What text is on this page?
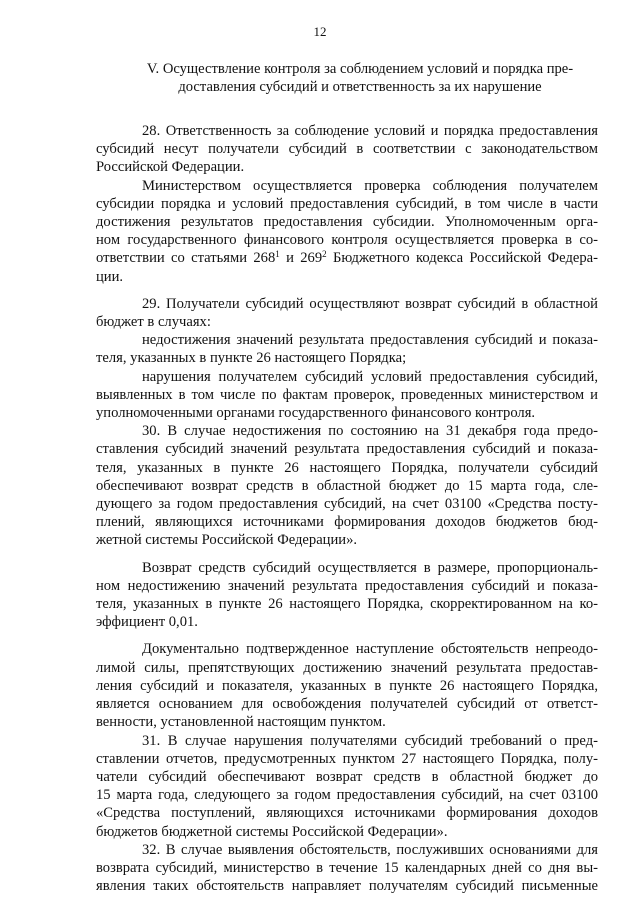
12
V. Осуществление контроля за соблюдением условий и порядка пре-
доставления субсидий и ответственность за их нарушение
28. Ответственность за соблюдение условий и порядка предоставления
субсидий несут получатели субсидий в соответствии с законодательством
Российской Федерации.
Министерством осуществляется проверка соблюдения получателем
субсидии порядка и условий предоставления субсидий, в том числе в части
достижения результатов предоставления субсидии. Уполномоченным орга-
ном государственного финансового контроля осуществляется проверка в со-
ответствии со статьями $268^1$ и $269^2$ Бюджетного кодекса Российской Федера-
ции.
29. Получатели субсидий осуществляют возврат субсидий в областной
бюджет в случаях:
недостижения значений результата предоставления субсидий и показа-
теля, указанных в пункте 26 настоящего Порядка;
нарушения получателем субсидий условий предоставления субсидий,
выявленных в том числе по фактам проверок, проведенных министерством и
уполномоченными органами государственного финансового контроля.
30. В случае недостижения по состоянию на 31 декабря года предо-
ставления субсидий значений результата предоставления субсидий и показа-
теля, указанных в пункте 26 настоящего Порядка, получатели субсидий
обеспечивают возврат средств в областной бюджет до 15 марта года, сле-
дующего за годом предоставления субсидий, на счет 03100 «Средства посту-
плений, являющихся источниками формирования доходов бюджетов бюд-
жетной системы Российской Федерации».
Возврат средств субсидий осуществляется в размере, пропорциональ-
ном недостижению значений результата предоставления субсидий и показа-
теля, указанных в пункте 26 настоящего Порядка, скорректированном на ко-
эффициент 0,01.
Документально подтвержденное наступление обстоятельств непреодо-
лимой силы, препятствующих достижению значений результата предостав-
ления субсидий и показателя, указанных в пункте 26 настоящего Порядка,
является основанием для освобождения получателей субсидий от ответст-
венности, установленной настоящим пунктом.
31. В случае нарушения получателями субсидий требований о пред-
ставлении отчетов, предусмотренных пунктом 27 настоящего Порядка, полу-
чатели субсидий обеспечивают возврат средств в областной бюджет до
15 марта года, следующего за годом предоставления субсидий, на счет 03100
«Средства поступлений, являющихся источниками формирования доходов
бюджетов бюджетной системы Российской Федерации».
32. В случае выявления обстоятельств, послуживших основаниями для
возврата субсидий, министерство в течение 15 календарных дней со дня вы-
явления таких обстоятельств направляет получателям субсидий письменные
